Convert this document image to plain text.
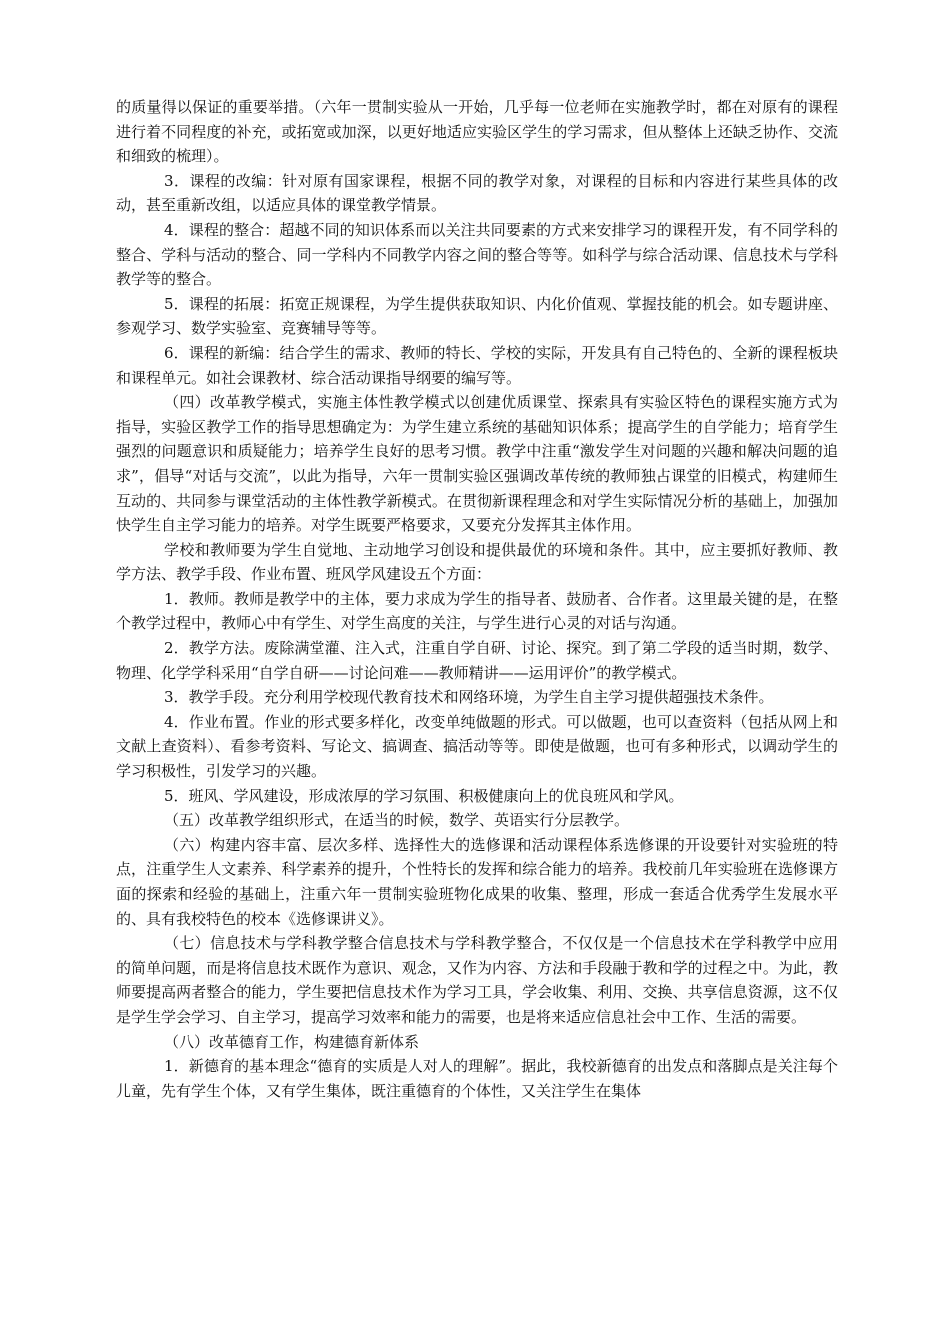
的质量得以保证的重要举措。（六年一贯制实验从一开始，几乎每一位老师在实施教学时，都在对原有的课程进行着不同程度的补充，或拓宽或加深，以更好地适应实验区学生的学习需求，但从整体上还缺乏协作、交流和细致的梳理）。

3．课程的改编：针对原有国家课程，根据不同的教学对象，对课程的目标和内容进行某些具体的改动，甚至重新改组，以适应具体的课堂教学情景。

4．课程的整合：超越不同的知识体系而以关注共同要素的方式来安排学习的课程开发，有不同学科的整合、学科与活动的整合、同一学科内不同教学内容之间的整合等等。如科学与综合活动课、信息技术与学科教学等的整合。

5．课程的拓展：拓宽正规课程，为学生提供获取知识、内化价值观、掌握技能的机会。如专题讲座、参观学习、数学实验室、竞赛辅导等等。

6．课程的新编：结合学生的需求、教师的特长、学校的实际，开发具有自己特色的、全新的课程板块和课程单元。如社会课教材、综合活动课指导纲要的编写等。

（四）改革教学模式，实施主体性教学模式以创建优质课堂、探索具有实验区特色的课程实施方式为指导，实验区教学工作的指导思想确定为：为学生建立系统的基础知识体系；提高学生的自学能力；培育学生强烈的问题意识和质疑能力；培养学生良好的思考习惯。教学中注重“激发学生对问题的兴趣和解决问题的追求”，倡导“对话与交流”，以此为指导，六年一贯制实验区强调改革传统的教师独占课堂的旧模式，构建师生互动的、共同参与课堂活动的主体性教学新模式。在贯彻新课程理念和对学生实际情况分析的基础上，加强加快学生自主学习能力的培养。对学生既要严格要求，又要充分发挥其主体作用。

学校和教师要为学生自觉地、主动地学习创设和提供最优的环境和条件。其中，应主要抓好教师、教学方法、教学手段、作业布置、班风学风建设五个方面：

1．教师。教师是教学中的主体，要力求成为学生的指导者、鼓励者、合作者。这里最关键的是，在整个教学过程中，教师心中有学生、对学生高度的关注，与学生进行心灵的对话与沟通。

2．教学方法。废除满堂灌、注入式，注重自学自研、讨论、探究。到了第二学段的适当时期，数学、物理、化学学科采用“自学自研——讨论问难——教师精讲——运用评价”的教学模式。

3．教学手段。充分利用学校现代教育技术和网络环境，为学生自主学习提供超强技术条件。

4．作业布置。作业的形式要多样化，改变单纯做题的形式。可以做题，也可以查资料（包括从网上和文献上查资料）、看参考资料、写论文、搞调查、搞活动等等。即使是做题，也可有多种形式，以调动学生的学习积极性，引发学习的兴趣。

5．班风、学风建设，形成浓厚的学习氛围、积极健康向上的优良班风和学风。

（五）改革教学组织形式，在适当的时候，数学、英语实行分层教学。

（六）构建内容丰富、层次多样、选择性大的选修课和活动课程体系选修课的开设要针对实验班的特点，注重学生人文素养、科学素养的提升，个性特长的发挥和综合能力的培养。我校前几年实验班在选修课方面的探索和经验的基础上，注重六年一贯制实验班物化成果的收集、整理，形成一套适合优秀学生发展水平的、具有我校特色的校本《选修课讲义》。

（七）信息技术与学科教学整合信息技术与学科教学整合，不仅仅是一个信息技术在学科教学中应用的简单问题，而是将信息技术既作为意识、观念，又作为内容、方法和手段融于教和学的过程之中。为此，教师要提高两者整合的能力，学生要把信息技术作为学习工具，学会收集、利用、交换、共享信息资源，这不仅是学生学会学习、自主学习，提高学习效率和能力的需要，也是将来适应信息社会中工作、生活的需要。

（八）改革德育工作，构建德育新体系

1．新德育的基本理念“德育的实质是人对人的理解”。据此，我校新德育的出发点和落脚点是关注每个儿童，先有学生个体，又有学生集体，既注重德育的个体性，又关注学生在集体
